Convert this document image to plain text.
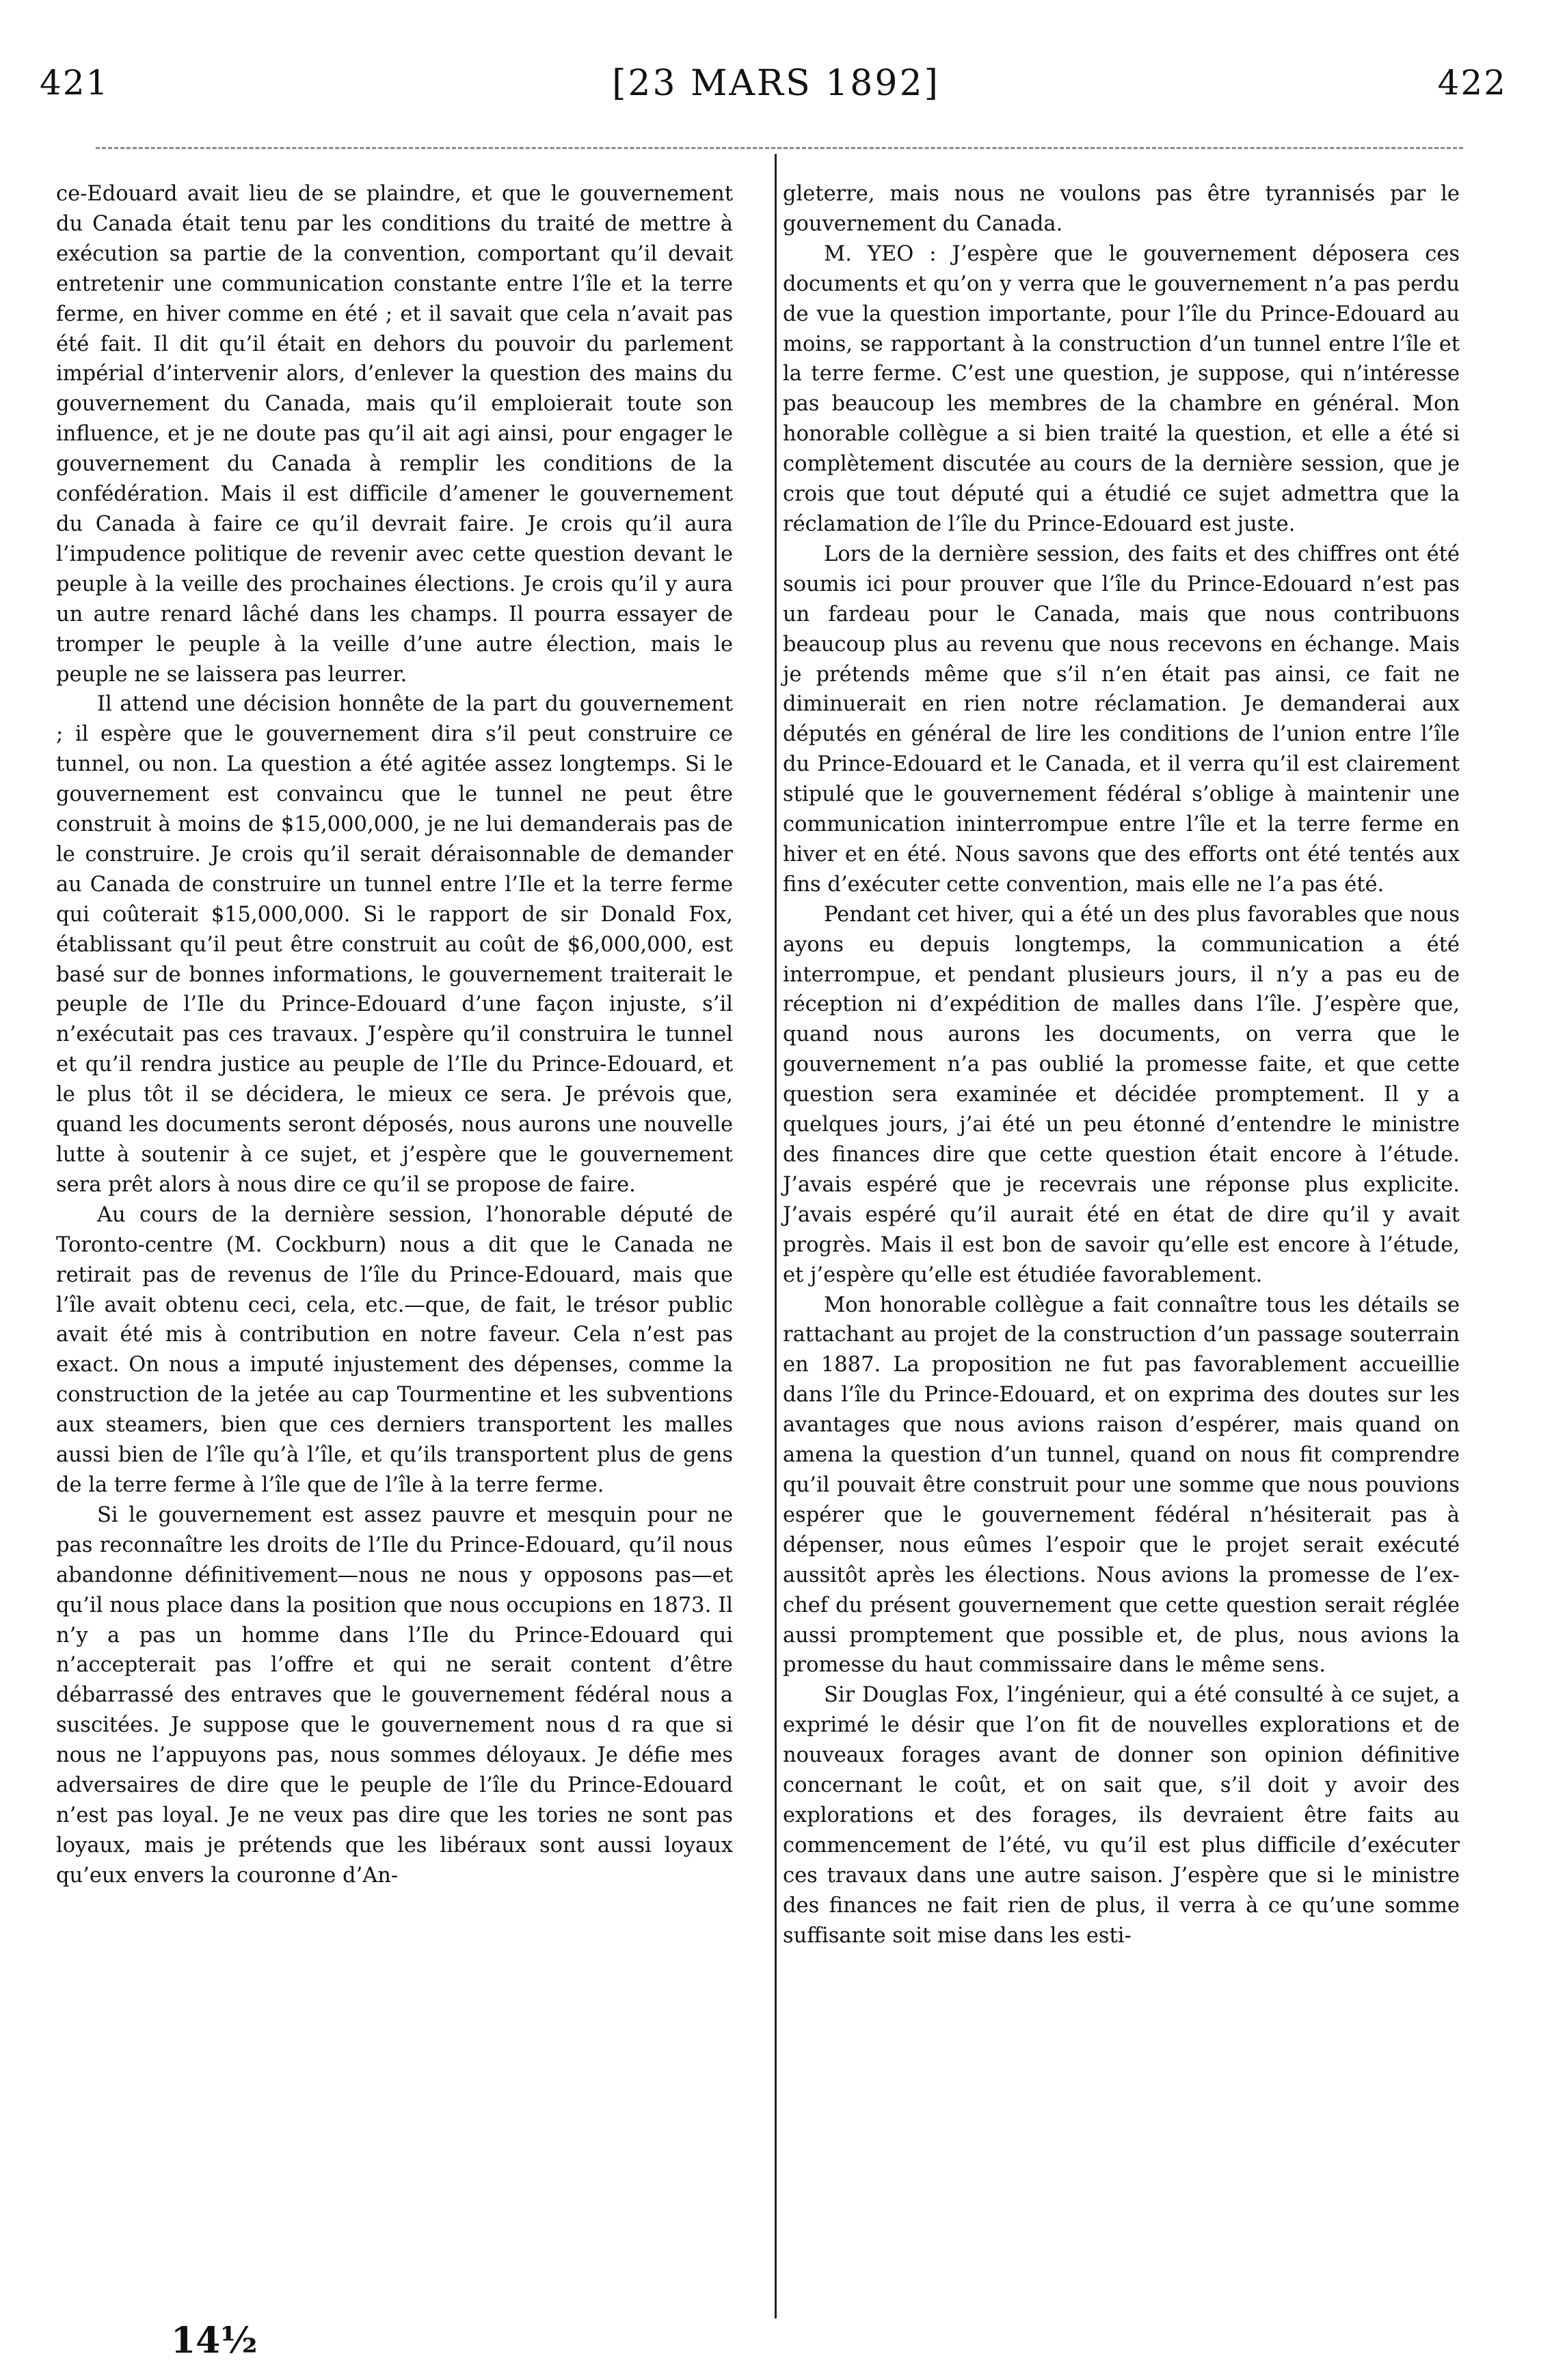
421	[23 MARS 1892]	422

ce-Edouard avait lieu de se plaindre, et que le gouvernement du Canada était tenu par les conditions du traité de mettre à exécution sa partie de la convention, comportant qu’il devait entretenir une communication constante entre l’île et la terre ferme, en hiver comme en été ; et il savait que cela n’avait pas été fait. Il dit qu’il était en dehors du pouvoir du parlement impérial d’intervenir alors, d’enlever la question des mains du gouvernement du Canada, mais qu’il emploierait toute son influence, et je ne doute pas qu’il ait agi ainsi, pour engager le gouvernement du Canada à remplir les conditions de la confédération. Mais il est difficile d’amener le gouvernement du Canada à faire ce qu’il devrait faire. Je crois qu’il aura l’impudence politique de revenir avec cette question devant le peuple à la veille des prochaines élections. Je crois qu’il y aura un autre renard lâché dans les champs. Il pourra essayer de tromper le peuple à la veille d’une autre élection, mais le peuple ne se laissera pas leurrer.

Il attend une décision honnête de la part du gouvernement ; il espère que le gouvernement dira s’il peut construire ce tunnel, ou non. La question a été agitée assez longtemps. Si le gouvernement est convaincu que le tunnel ne peut être construit à moins de $15,000,000, je ne lui demanderais pas de le construire. Je crois qu’il serait déraisonnable de demander au Canada de construire un tunnel entre l’Ile et la terre ferme qui coûterait $15,000,000. Si le rapport de sir Donald Fox, établissant qu’il peut être construit au coût de $6,000,000, est basé sur de bonnes informations, le gouvernement traiterait le peuple de l’Ile du Prince-Edouard d’une façon injuste, s’il n’exécutait pas ces travaux. J’espère qu’il construira le tunnel et qu’il rendra justice au peuple de l’Ile du Prince-Edouard, et le plus tôt il se décidera, le mieux ce sera. Je prévois que, quand les documents seront déposés, nous aurons une nouvelle lutte à soutenir à ce sujet, et j’espère que le gouvernement sera prêt alors à nous dire ce qu’il se propose de faire.

Au cours de la dernière session, l’honorable député de Toronto-centre (M. Cockburn) nous a dit que le Canada ne retirait pas de revenus de l’île du Prince-Edouard, mais que l’île avait obtenu ceci, cela, etc.—que, de fait, le trésor public avait été mis à contribution en notre faveur. Cela n’est pas exact. On nous a imputé injustement des dépenses, comme la construction de la jetée au cap Tourmentine et les subventions aux steamers, bien que ces derniers transportent les malles aussi bien de l’île qu’à l’île, et qu’ils transportent plus de gens de la terre ferme à l’île que de l’île à la terre ferme.

Si le gouvernement est assez pauvre et mesquin pour ne pas reconnaître les droits de l’Ile du Prince-Edouard, qu’il nous abandonne définitivement—nous ne nous y opposons pas—et qu’il nous place dans la position que nous occupions en 1873. Il n’y a pas un homme dans l’Ile du Prince-Edouard qui n’accepterait pas l’offre et qui ne serait content d’être débarrassé des entraves que le gouvernement fédéral nous a suscitées. Je suppose que le gouvernement nous d ra que si nous ne l’appuyons pas, nous sommes déloyaux. Je défie mes adversaires de dire que le peuple de l’île du Prince-Edouard n’est pas loyal. Je ne veux pas dire que les tories ne sont pas loyaux, mais je prétends que les libéraux sont aussi loyaux qu’eux envers la couronne d’An-

gleterre, mais nous ne voulons pas être tyrannisés par le gouvernement du Canada.

M. YEO : J’espère que le gouvernement déposera ces documents et qu’on y verra que le gouvernement n’a pas perdu de vue la question importante, pour l’île du Prince-Edouard au moins, se rapportant à la construction d’un tunnel entre l’île et la terre ferme. C’est une question, je suppose, qui n’intéresse pas beaucoup les membres de la chambre en général. Mon honorable collègue a si bien traité la question, et elle a été si complètement discutée au cours de la dernière session, que je crois que tout député qui a étudié ce sujet admettra que la réclamation de l’île du Prince-Edouard est juste.

Lors de la dernière session, des faits et des chiffres ont été soumis ici pour prouver que l’île du Prince-Edouard n’est pas un fardeau pour le Canada, mais que nous contribuons beaucoup plus au revenu que nous recevons en échange. Mais je prétends même que s’il n’en était pas ainsi, ce fait ne diminuerait en rien notre réclamation. Je demanderai aux députés en général de lire les conditions de l’union entre l’île du Prince-Edouard et le Canada, et il verra qu’il est clairement stipulé que le gouvernement fédéral s’oblige à maintenir une communication ininterrompue entre l’île et la terre ferme en hiver et en été. Nous savons que des efforts ont été tentés aux fins d’exécuter cette convention, mais elle ne l’a pas été.

Pendant cet hiver, qui a été un des plus favorables que nous ayons eu depuis longtemps, la communication a été interrompue, et pendant plusieurs jours, il n’y a pas eu de réception ni d’expédition de malles dans l’île. J’espère que, quand nous aurons les documents, on verra que le gouvernement n’a pas oublié la promesse faite, et que cette question sera examinée et décidée promptement. Il y a quelques jours, j’ai été un peu étonné d’entendre le ministre des finances dire que cette question était encore à l’étude. J’avais espéré que je recevrais une réponse plus explicite. J’avais espéré qu’il aurait été en état de dire qu’il y avait progrès. Mais il est bon de savoir qu’elle est encore à l’étude, et j’espère qu’elle est étudiée favorablement.

Mon honorable collègue a fait connaître tous les détails se rattachant au projet de la construction d’un passage souterrain en 1887. La proposition ne fut pas favorablement accueillie dans l’île du Prince-Edouard, et on exprima des doutes sur les avantages que nous avions raison d’espérer, mais quand on amena la question d’un tunnel, quand on nous fit comprendre qu’il pouvait être construit pour une somme que nous pouvions espérer que le gouvernement fédéral n’hésiterait pas à dépenser, nous eûmes l’espoir que le projet serait exécuté aussitôt après les élections. Nous avions la promesse de l’ex-chef du présent gouvernement que cette question serait réglée aussi promptement que possible et, de plus, nous avions la promesse du haut commissaire dans le même sens.

Sir Douglas Fox, l’ingénieur, qui a été consulté à ce sujet, a exprimé le désir que l’on fit de nouvelles explorations et de nouveaux forages avant de donner son opinion définitive concernant le coût, et on sait que, s’il doit y avoir des explorations et des forages, ils devraient être faits au commencement de l’été, vu qu’il est plus difficile d’exécuter ces travaux dans une autre saison. J’espère que si le ministre des finances ne fait rien de plus, il verra à ce qu’une somme suffisante soit mise dans les esti-

14½
